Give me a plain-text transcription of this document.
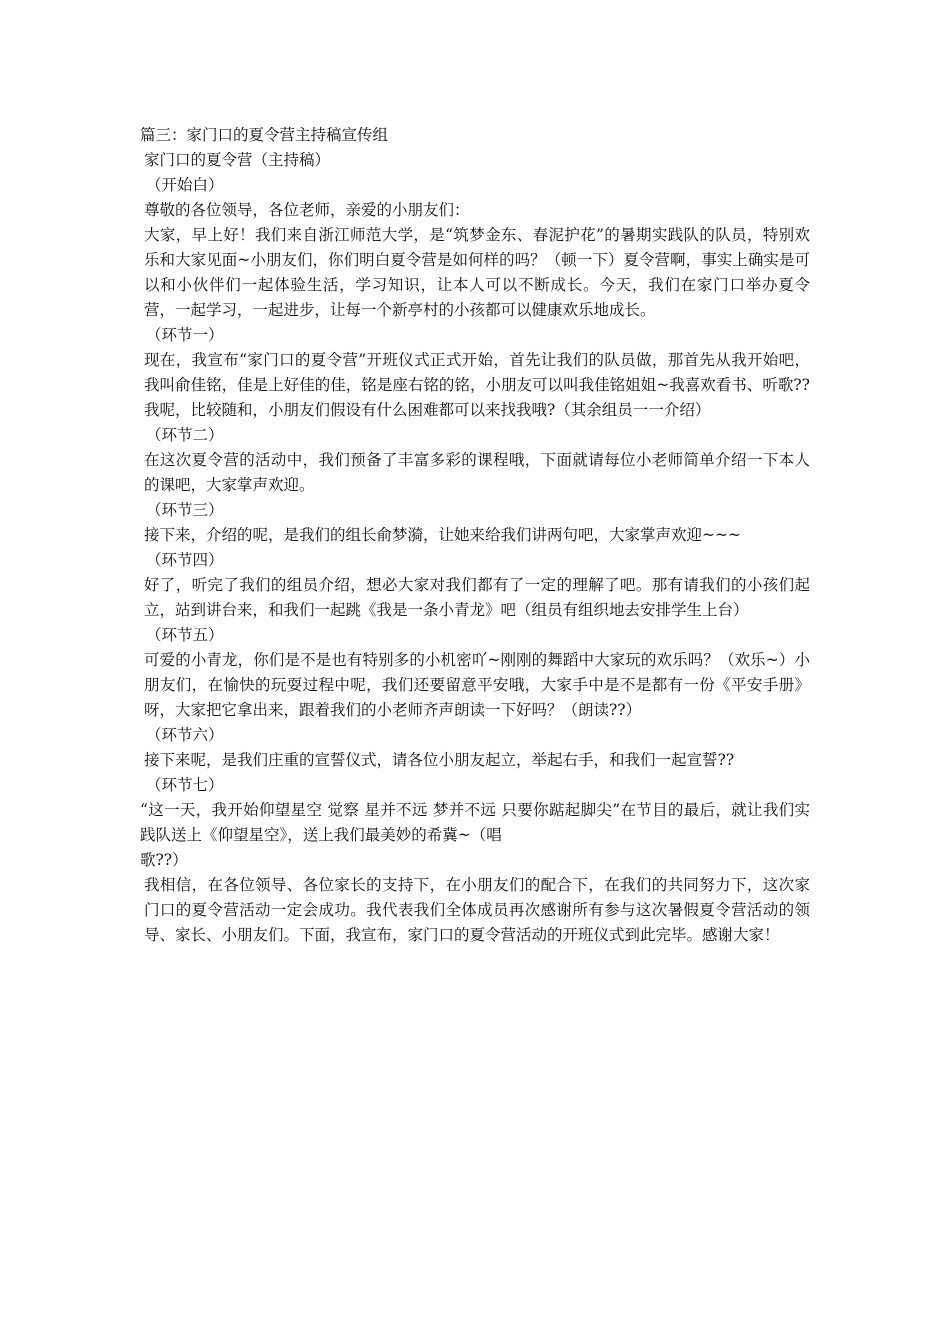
篇三：家门口的夏令营主持稿宣传组

家门口的夏令营（主持稿）

（开始白）

尊敬的各位领导，各位老师，亲爱的小朋友们：

大家，早上好！我们来自浙江师范大学，是“筑梦金东、春泥护花”的暑期实践队的队员，特别欢乐和大家见面~小朋友们，你们明白夏令营是如何样的吗？（顿一下）夏令营啊，事实上确实是可以和小伙伴们一起体验生活，学习知识，让本人可以不断成长。今天，我们在家门口举办夏令营，一起学习，一起进步，让每一个新亭村的小孩都可以健康欢乐地成长。

（环节一）

现在，我宣布“家门口的夏令营”开班仪式正式开始，首先让我们的队员做，那首先从我开始吧，我叫俞佳铭，佳是上好佳的佳，铭是座右铭的铭，小朋友可以叫我佳铭姐姐~我喜欢看书、听歌??我呢，比较随和，小朋友们假设有什么困难都可以来找我哦?（其余组员一一介绍）

（环节二）

在这次夏令营的活动中，我们预备了丰富多彩的课程哦，下面就请每位小老师简单介绍一下本人的课吧，大家掌声欢迎。

（环节三）

接下来，介绍的呢，是我们的组长俞梦漪，让她来给我们讲两句吧，大家掌声欢迎~~~

（环节四）

好了，听完了我们的组员介绍，想必大家对我们都有了一定的理解了吧。那有请我们的小孩们起立，站到讲台来，和我们一起跳《我是一条小青龙》吧（组员有组织地去安排学生上台）

（环节五）

可爱的小青龙，你们是不是也有特别多的小机密吖~刚刚的舞蹈中大家玩的欢乐吗？（欢乐~）小朋友们，在愉快的玩耍过程中呢，我们还要留意平安哦，大家手中是不是都有一份《平安手册》呀，大家把它拿出来，跟着我们的小老师齐声朗读一下好吗？（朗读??）

（环节六）

接下来呢，是我们庄重的宣誓仪式，请各位小朋友起立，举起右手，和我们一起宣誓??

（环节七）

“这一天，我开始仰望星空 觉察 星并不远 梦并不远 只要你踮起脚尖”在节目的最后，就让我们实践队送上《仰望星空》，送上我们最美妙的希冀~（唱

歌??）

我相信，在各位领导、各位家长的支持下，在小朋友们的配合下，在我们的共同努力下，这次家门口的夏令营活动一定会成功。我代表我们全体成员再次感谢所有参与这次暑假夏令营活动的领导、家长、小朋友们。下面，我宣布，家门口的夏令营活动的开班仪式到此完毕。感谢大家！
